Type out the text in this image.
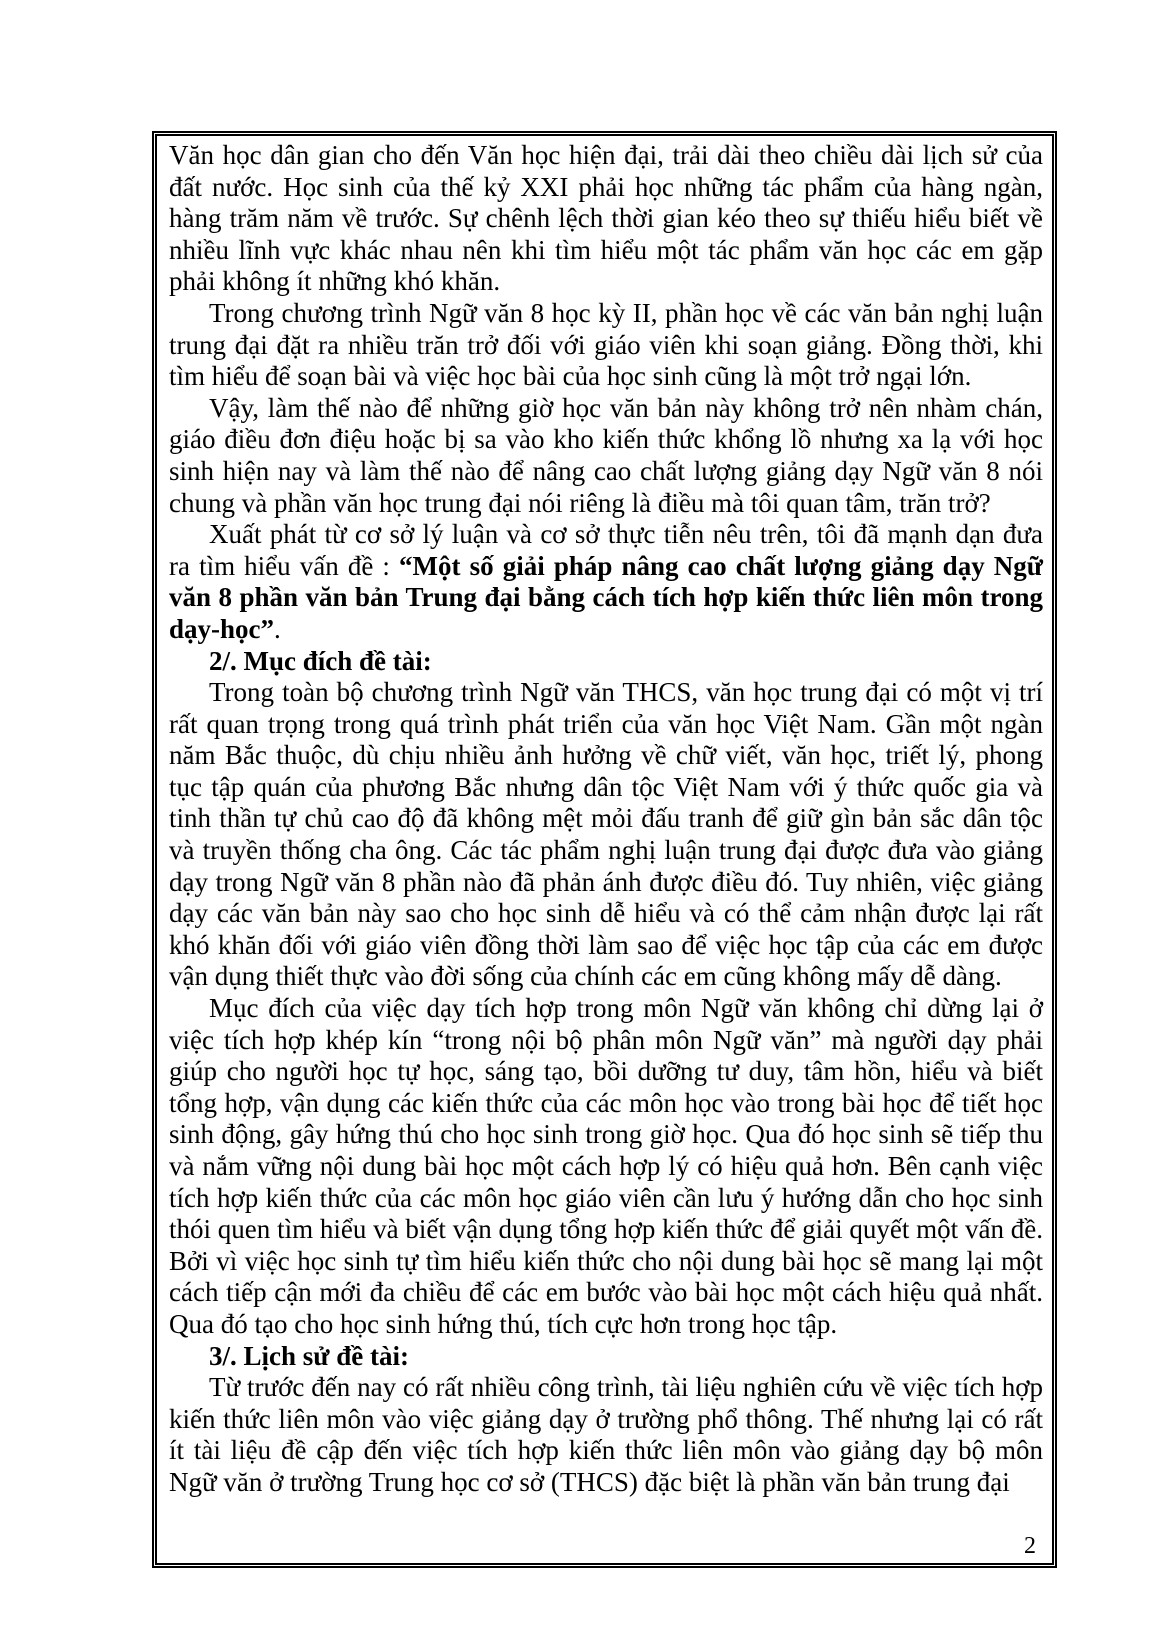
Văn học dân gian cho đến Văn học hiện đại, trải dài theo chiều dài lịch sử của đất nước. Học sinh của thế kỷ XXI phải học những tác phẩm của hàng ngàn, hàng trăm năm về trước. Sự chênh lệch thời gian kéo theo sự thiếu hiểu biết về nhiều lĩnh vực khác nhau nên khi tìm hiểu một tác phẩm văn học các em gặp phải không ít những khó khăn.

Trong chương trình Ngữ văn 8 học kỳ II, phần học về các văn bản nghị luận trung đại đặt ra nhiều trăn trở đối với giáo viên khi soạn giảng. Đồng thời, khi tìm hiểu để soạn bài và việc học bài của học sinh cũng là một trở ngại lớn.

Vậy, làm thế nào để những giờ học văn bản này không trở nên nhàm chán, giáo điều đơn điệu hoặc bị sa vào kho kiến thức khổng lồ nhưng xa lạ với học sinh hiện nay và làm thế nào để nâng cao chất lượng giảng dạy Ngữ văn 8 nói chung và phần văn học trung đại nói riêng là điều mà tôi quan tâm, trăn trở?

Xuất phát từ cơ sở lý luận và cơ sở thực tiễn nêu trên, tôi đã mạnh dạn đưa ra tìm hiểu vấn đề : “Một số giải pháp nâng cao chất lượng giảng dạy Ngữ văn 8 phần văn bản Trung đại bằng cách tích hợp kiến thức liên môn trong dạy-học”.

2/. Mục đích đề tài:

Trong toàn bộ chương trình Ngữ văn THCS, văn học trung đại có một vị trí rất quan trọng trong quá trình phát triển của văn học Việt Nam. Gần một ngàn năm Bắc thuộc, dù chịu nhiều ảnh hưởng về chữ viết, văn học, triết lý, phong tục tập quán của phương Bắc nhưng dân tộc Việt Nam với ý thức quốc gia và tinh thần tự chủ cao độ đã không mệt mỏi đấu tranh để giữ gìn bản sắc dân tộc và truyền thống cha ông. Các tác phẩm nghị luận trung đại được đưa vào giảng dạy trong Ngữ văn 8 phần nào đã phản ánh được điều đó. Tuy nhiên, việc giảng dạy các văn bản này sao cho học sinh dễ hiểu và có thể cảm nhận được lại rất khó khăn đối với giáo viên đồng thời làm sao để việc học tập của các em được vận dụng thiết thực vào đời sống của chính các em cũng không mấy dễ dàng.

Mục đích của việc dạy tích hợp trong môn Ngữ văn không chỉ dừng lại ở việc tích hợp khép kín “trong nội bộ phân môn Ngữ văn” mà người dạy phải giúp cho người học tự học, sáng tạo, bồi dưỡng tư duy, tâm hồn, hiểu và biết tổng hợp, vận dụng các kiến thức của các môn học vào trong bài học để tiết học sinh động, gây hứng thú cho học sinh trong giờ học. Qua đó học sinh sẽ tiếp thu và nắm vững nội dung bài học một cách hợp lý có hiệu quả hơn. Bên cạnh việc tích hợp kiến thức của các môn học giáo viên cần lưu ý hướng dẫn cho học sinh thói quen tìm hiểu và biết vận dụng tổng hợp kiến thức để giải quyết một vấn đề. Bởi vì việc học sinh tự tìm hiểu kiến thức cho nội dung bài học sẽ mang lại một cách tiếp cận mới đa chiều để các em bước vào bài học một cách hiệu quả nhất. Qua đó tạo cho học sinh hứng thú, tích cực hơn trong học tập.

3/. Lịch sử đề tài:

Từ trước đến nay có rất nhiều công trình, tài liệu nghiên cứu về việc tích hợp kiến thức liên môn vào việc giảng dạy ở trường phổ thông. Thế nhưng lại có rất ít tài liệu đề cập đến việc tích hợp kiến thức liên môn vào giảng dạy bộ môn Ngữ văn ở trường Trung học cơ sở (THCS) đặc biệt là phần văn bản trung đại

2
